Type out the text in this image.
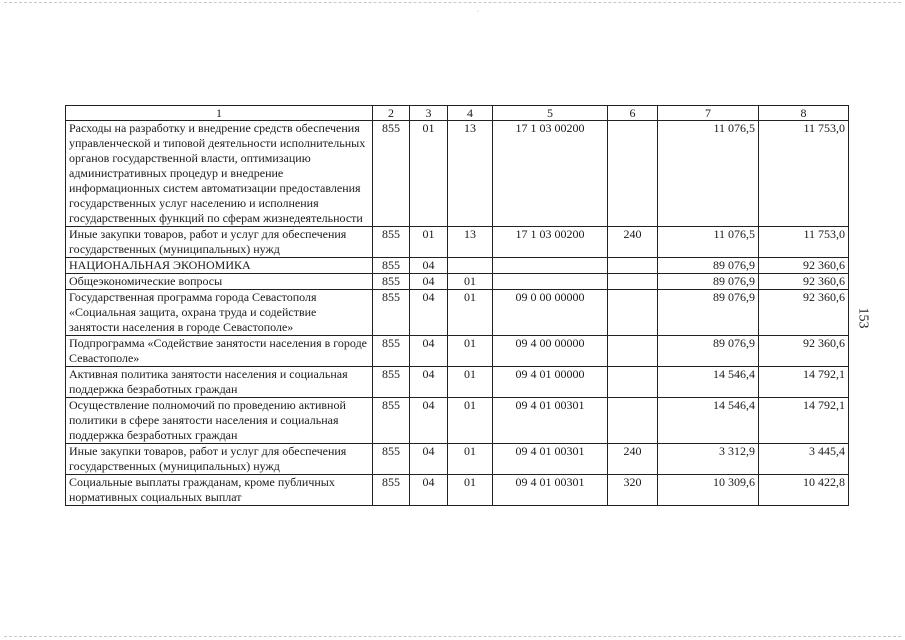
·
1	2	3	4	5	6	7	8
Расходы на разработку и внедрение средств обеспечения управленческой и типовой деятельности исполнительных органов государственной власти, оптимизацию административных процедур и внедрение информационных систем автоматизации предоставления государственных услуг населению и исполнения государственных функций по сферам жизнедеятельности	855	01	13	17 1 03 00200		11 076,5	11 753,0
Иные закупки товаров, работ и услуг для обеспечения государственных (муниципальных) нужд	855	01	13	17 1 03 00200	240	11 076,5	11 753,0
НАЦИОНАЛЬНАЯ ЭКОНОМИКА	855	04				89 076,9	92 360,6
Общеэкономические вопросы	855	04	01			89 076,9	92 360,6
Государственная программа города Севастополя «Социальная защита, охрана труда и содействие занятости населения в городе Севастополе»	855	04	01	09 0 00 00000		89 076,9	92 360,6
Подпрограмма «Содействие занятости населения в городе Севастополе»	855	04	01	09 4 00 00000		89 076,9	92 360,6
Активная политика занятости населения и социальная поддержка безработных граждан	855	04	01	09 4 01 00000		14 546,4	14 792,1
Осуществление полномочий по проведению активной политики в сфере занятости населения и социальная поддержка безработных граждан	855	04	01	09 4 01 00301		14 546,4	14 792,1
Иные закупки товаров, работ и услуг для обеспечения государственных (муниципальных) нужд	855	04	01	09 4 01 00301	240	3 312,9	3 445,4
Социальные выплаты гражданам, кроме публичных нормативных социальных выплат	855	04	01	09 4 01 00301	320	10 309,6	10 422,8
153
